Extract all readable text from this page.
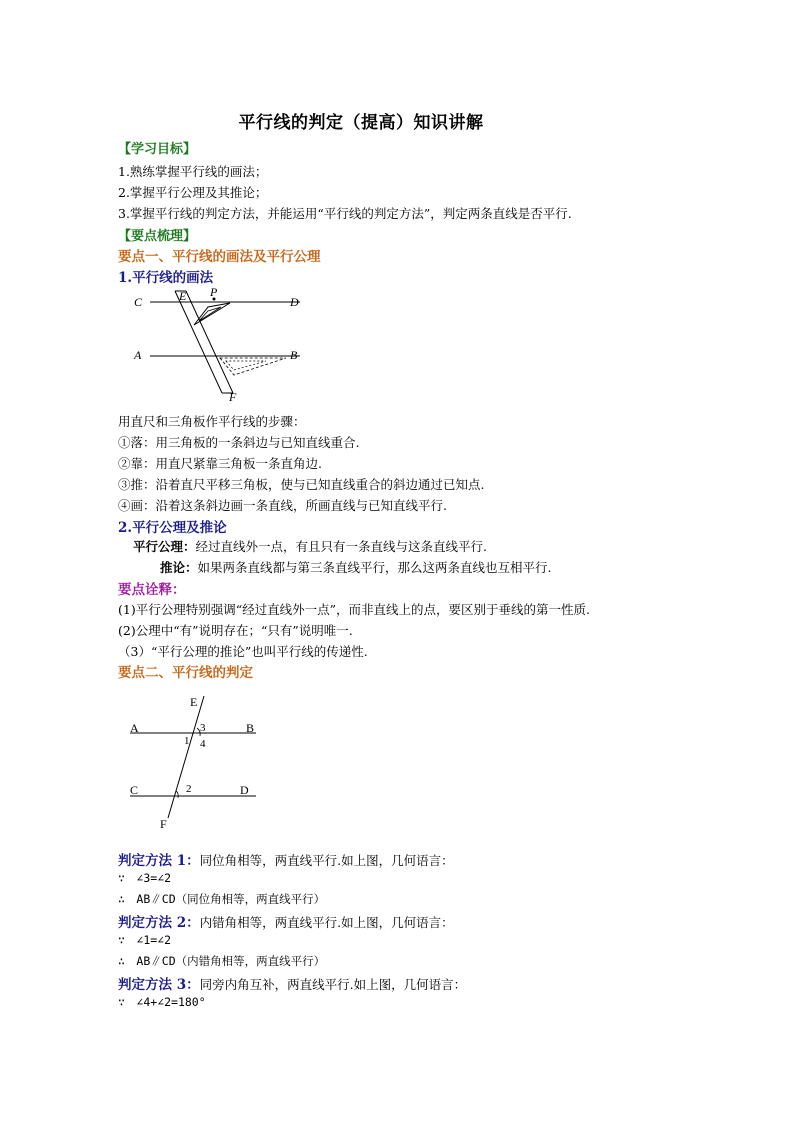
平行线的判定（提高）知识讲解
【学习目标】
1.熟练掌握平行线的画法；
2.掌握平行公理及其推论；
3.掌握平行线的判定方法，并能运用“平行线的判定方法”，判定两条直线是否平行.
【要点梳理】
要点一、平行线的画法及平行公理
1.平行线的画法
C	E P
D
A	B
F
用直尺和三角板作平行线的步骤：
①落：用三角板的一条斜边与已知直线重合.
②靠：用直尺紧靠三角板一条直角边.
③推：沿着直尺平移三角板，使与已知直线重合的斜边通过已知点.
④画：沿着这条斜边画一条直线，所画直线与已知直线平行.
2.平行公理及推论
平行公理：经过直线外一点，有且只有一条直线与这条直线平行.
推论：如果两条直线都与第三条直线平行，那么这两条直线也互相平行.
要点诠释：
(1)平行公理特别强调“经过直线外一点”，而非直线上的点，要区别于垂线的第一性质.
(2)公理中“有”说明存在；“只有”说明唯一.
（3）“平行公理的推论”也叫平行线的传递性.
要点二、平行线的判定
E
A	3	B
1 4
2
C	D
F
判定方法 1：同位角相等，两直线平行.如上图，几何语言：
∵　∠3=∠2
∴　AB∥CD（同位角相等，两直线平行）
判定方法 2：内错角相等，两直线平行.如上图，几何语言：
∵　∠1=∠2
∴　AB∥CD（内错角相等，两直线平行）
判定方法 3：同旁内角互补，两直线平行.如上图，几何语言：
∵　∠4+∠2=180°
